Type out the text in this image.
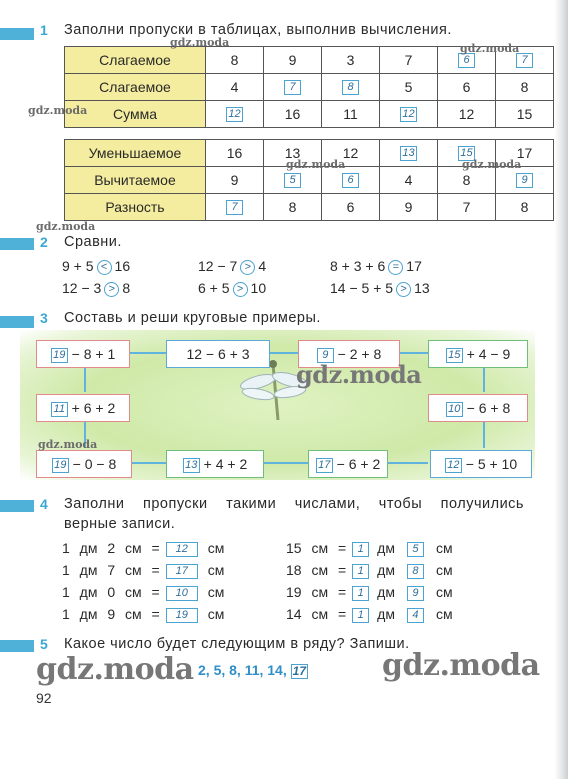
1 Заполни пропуски в таблицах, выполнив вычисления.
Слагаемое	8	9	3	7	6	7
Слагаемое	4	7	8	5	6	8
Сумма	12	16	11	12	12	15
Уменьшаемое	16	13	12	13	15	17
Вычитаемое	9	5	6	4	8	9
Разность	7	8	6	9	7	8
2 Сравни.
9 + 5 < 16	12 − 7 > 4	8 + 3 + 6 = 17
12 − 3 > 8	6 + 5 > 10	14 − 5 + 5 > 13
3 Составь и реши круговые примеры.
19 − 8 + 1	12 − 6 + 3	9 − 2 + 8	15 + 4 − 9
10 − 6 + 8
12 − 5 + 10
17 − 6 + 2
13 + 4 + 2
19 − 0 − 8
11 + 6 + 2
4 Заполни пропуски такими числами, чтобы получились
верные записи.
1 дм 2 см = 12 см
1 дм 7 см = 17 см
1 дм 0 см = 10 см
1 дм 9 см = 19 см
15 см = 1 дм 5 см
18 см = 1 дм 8 см
19 см = 1 дм 9 см
14 см = 1 дм 4 см
5 Какое число будет следующим в ряду? Запиши.
2, 5, 8, 11, 14, 17
92
gdz.moda	gdz.moda
gdz.moda
gdz.moda	gdz.moda
gdz.moda
gdz.moda
gdz.moda
gdz.moda	gdz.moda
